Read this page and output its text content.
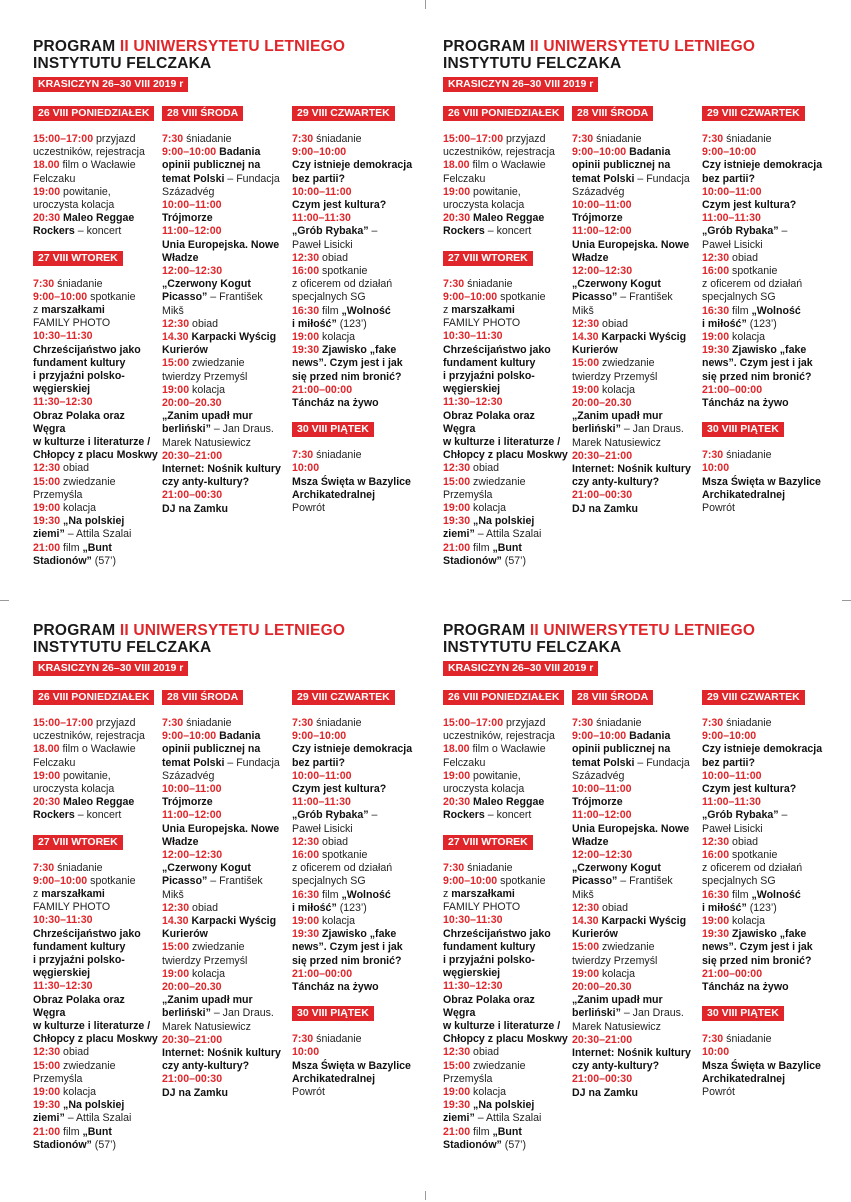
PROGRAM II UNIWERSYTETU LETNIEGO
INSTYTUTU FELCZAKA
KRASICZYN 26–30 VIII 2019 r
26 VIII PONIEDZIAŁEK

15:00–17:00 przyjazd

uczestników, rejestracja

18.00 film o Wacławie

Felczaku

19:00 powitanie,

uroczysta kolacja

20:30 Maleo Reggae

Rockers – koncert

27 VIII WTOREK

7:30 śniadanie

9:00–10:00 spotkanie

z marszałkami

FAMILY PHOTO

10:30–11:30

Chrześcijaństwo jako

fundament kultury

i przyjaźni polsko-

węgierskiej

11:30–12:30

Obraz Polaka oraz Węgra

w kulturze i literaturze /

Chłopcy z placu Moskwy

12:30 obiad

15:00 zwiedzanie

Przemyśla

19:00 kolacja

19:30 „Na polskiej

ziemi” – Attila Szalai

21:00 film „Bunt

Stadionów” (57’)

28 VIII ŚRODA

7:30 śniadanie

9:00–10:00 Badania

opinii publicznej na

temat Polski – Fundacja

Századvég

10:00–11:00

Trójmorze

11:00–12:00

Unia Europejska. Nowe

Władze

12:00–12:30

„Czerwony Kogut

Picasso” – František

Mikš

12:30 obiad

14.30 Karpacki Wyścig

Kurierów

15:00 zwiedzanie

twierdzy Przemyśl

19:00 kolacja

20:00–20.30

„Zanim upadł mur

berliński” – Jan Draus.

Marek Natusiewicz

20:30–21:00

Internet: Nośnik kultury

czy anty-kultury?

21:00–00:30

DJ na Zamku

29 VIII CZWARTEK

7:30 śniadanie

9:00–10:00

Czy istnieje demokracja

bez partii?

10:00–11:00

Czym jest kultura?

11:00–11:30

„Grób Rybaka” –

Paweł Lisicki

12:30 obiad

16:00 spotkanie

z oficerem od działań

specjalnych SG

16:30 film „Wolność

i miłość” (123’)

19:00 kolacja

19:30 Zjawisko „fake

news”. Czym jest i jak

się przed nim bronić?

21:00–00:00

Táncház na żywo

30 VIII PIĄTEK

7:30 śniadanie

10:00

Msza Święta w Bazylice

Archikatedralnej

Powrót

PROGRAM II UNIWERSYTETU LETNIEGO
INSTYTUTU FELCZAKA
KRASICZYN 26–30 VIII 2019 r
26 VIII PONIEDZIAŁEK

15:00–17:00 przyjazd

uczestników, rejestracja

18.00 film o Wacławie

Felczaku

19:00 powitanie,

uroczysta kolacja

20:30 Maleo Reggae

Rockers – koncert

27 VIII WTOREK

7:30 śniadanie

9:00–10:00 spotkanie

z marszałkami

FAMILY PHOTO

10:30–11:30

Chrześcijaństwo jako

fundament kultury

i przyjaźni polsko-

węgierskiej

11:30–12:30

Obraz Polaka oraz Węgra

w kulturze i literaturze /

Chłopcy z placu Moskwy

12:30 obiad

15:00 zwiedzanie

Przemyśla

19:00 kolacja

19:30 „Na polskiej

ziemi” – Attila Szalai

21:00 film „Bunt

Stadionów” (57’)

28 VIII ŚRODA

7:30 śniadanie

9:00–10:00 Badania

opinii publicznej na

temat Polski – Fundacja

Századvég

10:00–11:00

Trójmorze

11:00–12:00

Unia Europejska. Nowe

Władze

12:00–12:30

„Czerwony Kogut

Picasso” – František

Mikš

12:30 obiad

14.30 Karpacki Wyścig

Kurierów

15:00 zwiedzanie

twierdzy Przemyśl

19:00 kolacja

20:00–20.30

„Zanim upadł mur

berliński” – Jan Draus.

Marek Natusiewicz

20:30–21:00

Internet: Nośnik kultury

czy anty-kultury?

21:00–00:30

DJ na Zamku

29 VIII CZWARTEK

7:30 śniadanie

9:00–10:00

Czy istnieje demokracja

bez partii?

10:00–11:00

Czym jest kultura?

11:00–11:30

„Grób Rybaka” –

Paweł Lisicki

12:30 obiad

16:00 spotkanie

z oficerem od działań

specjalnych SG

16:30 film „Wolność

i miłość” (123’)

19:00 kolacja

19:30 Zjawisko „fake

news”. Czym jest i jak

się przed nim bronić?

21:00–00:00

Táncház na żywo

30 VIII PIĄTEK

7:30 śniadanie

10:00

Msza Święta w Bazylice

Archikatedralnej

Powrót

PROGRAM II UNIWERSYTETU LETNIEGO
INSTYTUTU FELCZAKA
KRASICZYN 26–30 VIII 2019 r
26 VIII PONIEDZIAŁEK

15:00–17:00 przyjazd

uczestników, rejestracja

18.00 film o Wacławie

Felczaku

19:00 powitanie,

uroczysta kolacja

20:30 Maleo Reggae

Rockers – koncert

27 VIII WTOREK

7:30 śniadanie

9:00–10:00 spotkanie

z marszałkami

FAMILY PHOTO

10:30–11:30

Chrześcijaństwo jako

fundament kultury

i przyjaźni polsko-

węgierskiej

11:30–12:30

Obraz Polaka oraz Węgra

w kulturze i literaturze /

Chłopcy z placu Moskwy

12:30 obiad

15:00 zwiedzanie

Przemyśla

19:00 kolacja

19:30 „Na polskiej

ziemi” – Attila Szalai

21:00 film „Bunt

Stadionów” (57’)

28 VIII ŚRODA

7:30 śniadanie

9:00–10:00 Badania

opinii publicznej na

temat Polski – Fundacja

Századvég

10:00–11:00

Trójmorze

11:00–12:00

Unia Europejska. Nowe

Władze

12:00–12:30

„Czerwony Kogut

Picasso” – František

Mikš

12:30 obiad

14.30 Karpacki Wyścig

Kurierów

15:00 zwiedzanie

twierdzy Przemyśl

19:00 kolacja

20:00–20.30

„Zanim upadł mur

berliński” – Jan Draus.

Marek Natusiewicz

20:30–21:00

Internet: Nośnik kultury

czy anty-kultury?

21:00–00:30

DJ na Zamku

29 VIII CZWARTEK

7:30 śniadanie

9:00–10:00

Czy istnieje demokracja

bez partii?

10:00–11:00

Czym jest kultura?

11:00–11:30

„Grób Rybaka” –

Paweł Lisicki

12:30 obiad

16:00 spotkanie

z oficerem od działań

specjalnych SG

16:30 film „Wolność

i miłość” (123’)

19:00 kolacja

19:30 Zjawisko „fake

news”. Czym jest i jak

się przed nim bronić?

21:00–00:00

Táncház na żywo

30 VIII PIĄTEK

7:30 śniadanie

10:00

Msza Święta w Bazylice

Archikatedralnej

Powrót

PROGRAM II UNIWERSYTETU LETNIEGO
INSTYTUTU FELCZAKA
KRASICZYN 26–30 VIII 2019 r
26 VIII PONIEDZIAŁEK

15:00–17:00 przyjazd

uczestników, rejestracja

18.00 film o Wacławie

Felczaku

19:00 powitanie,

uroczysta kolacja

20:30 Maleo Reggae

Rockers – koncert

27 VIII WTOREK

7:30 śniadanie

9:00–10:00 spotkanie

z marszałkami

FAMILY PHOTO

10:30–11:30

Chrześcijaństwo jako

fundament kultury

i przyjaźni polsko-

węgierskiej

11:30–12:30

Obraz Polaka oraz Węgra

w kulturze i literaturze /

Chłopcy z placu Moskwy

12:30 obiad

15:00 zwiedzanie

Przemyśla

19:00 kolacja

19:30 „Na polskiej

ziemi” – Attila Szalai

21:00 film „Bunt

Stadionów” (57’)

28 VIII ŚRODA

7:30 śniadanie

9:00–10:00 Badania

opinii publicznej na

temat Polski – Fundacja

Századvég

10:00–11:00

Trójmorze

11:00–12:00

Unia Europejska. Nowe

Władze

12:00–12:30

„Czerwony Kogut

Picasso” – František

Mikš

12:30 obiad

14.30 Karpacki Wyścig

Kurierów

15:00 zwiedzanie

twierdzy Przemyśl

19:00 kolacja

20:00–20.30

„Zanim upadł mur

berliński” – Jan Draus.

Marek Natusiewicz

20:30–21:00

Internet: Nośnik kultury

czy anty-kultury?

21:00–00:30

DJ na Zamku

29 VIII CZWARTEK

7:30 śniadanie

9:00–10:00

Czy istnieje demokracja

bez partii?

10:00–11:00

Czym jest kultura?

11:00–11:30

„Grób Rybaka” –

Paweł Lisicki

12:30 obiad

16:00 spotkanie

z oficerem od działań

specjalnych SG

16:30 film „Wolność

i miłość” (123’)

19:00 kolacja

19:30 Zjawisko „fake

news”. Czym jest i jak

się przed nim bronić?

21:00–00:00

Táncház na żywo

30 VIII PIĄTEK

7:30 śniadanie

10:00

Msza Święta w Bazylice

Archikatedralnej

Powrót
